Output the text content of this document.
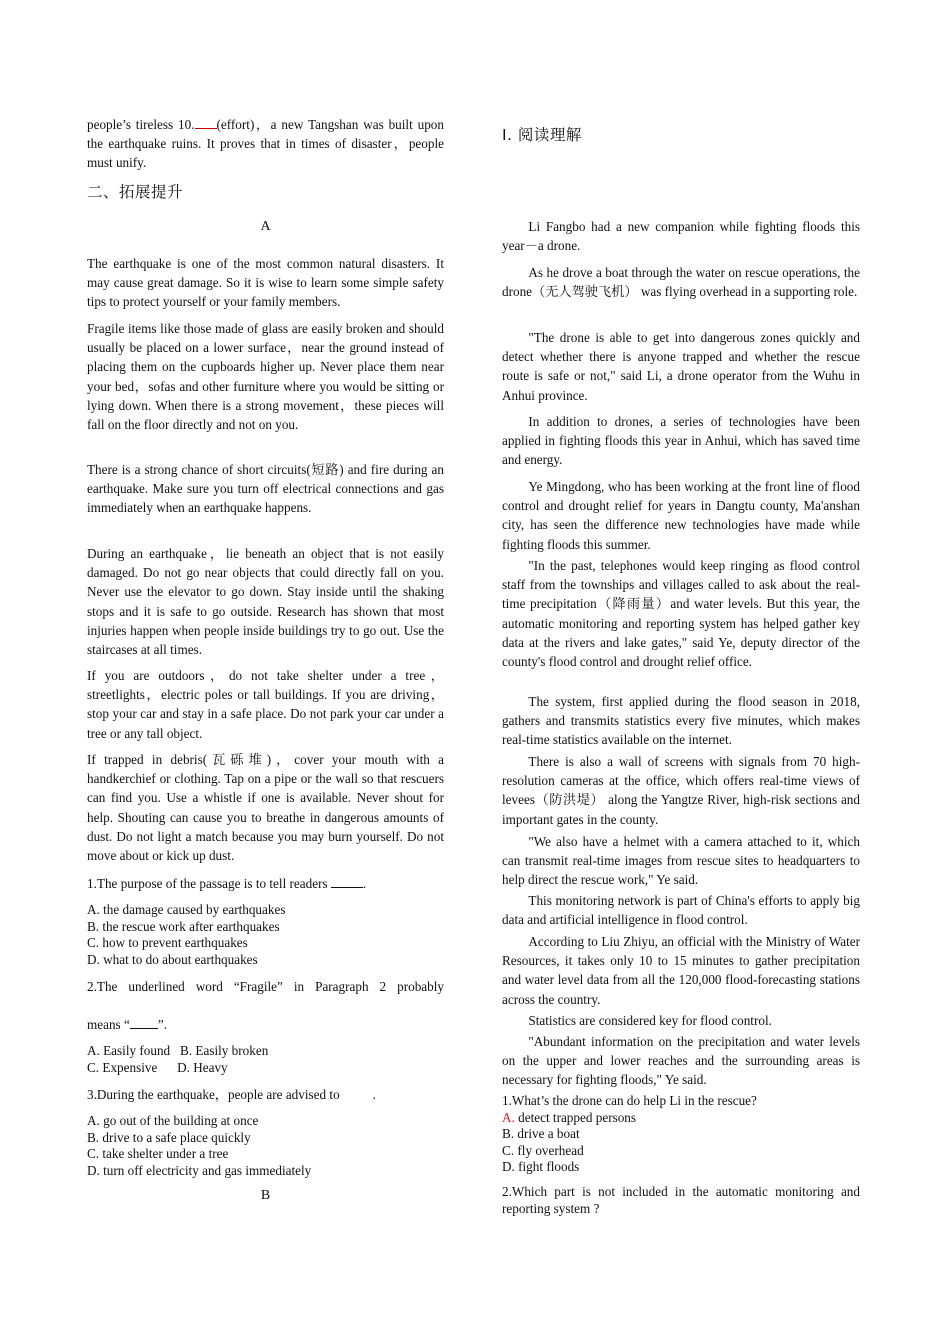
people’s tireless 10. (effort)，a new Tangshan was built upon the earthquake ruins. It proves that in times of disaster，people must unify.

二、拓展提升
A

The earthquake is one of the most common natural disasters. It may cause great damage. So it is wise to learn some simple safety tips to protect yourself or your family members.

Fragile items like those made of glass are easily broken and should usually be placed on a lower surface，near the ground instead of placing them on the cupboards higher up. Never place them near your bed，sofas and other furniture where you would be sitting or lying down. When there is a strong movement，these pieces will fall on the floor directly and not on you.

There is a strong chance of short circuits(短路) and fire during an earthquake. Make sure you turn off electrical connections and gas immediately when an earthquake happens.

During an earthquake，lie beneath an object that is not easily damaged. Do not go near objects that could directly fall on you. Never use the elevator to go down. Stay inside until the shaking stops and it is safe to go outside. Research has shown that most injuries happen when people inside buildings try to go out. Use the staircases at all times.

If you are outdoors，do not take shelter under a tree，streetlights，electric poles or tall buildings. If you are driving，stop your car and stay in a safe place. Do not park your car under a tree or any tall object.

If trapped in debris(瓦砾堆)，cover your mouth with a handkerchief or clothing. Tap on a pipe or the wall so that rescuers can find you. Use a whistle if one is available. Never shout for help. Shouting can cause you to breathe in dangerous amounts of dust. Do not light a match because you may burn yourself. Do not move about or kick up dust.

1.The purpose of the passage is to tell readers .

A. the damage caused by earthquakes

B. the rescue work after earthquakes

C. how to prevent earthquakes

D. what to do about earthquakes

2.The underlined word “Fragile” in Paragraph 2 probably

means “ ”.

A. Easily found   B. Easily broken

C. Expensive      D. Heavy

3.During the earthquake，people are advised to	.

A. go out of the building at once

B. drive to a safe place quickly

C. take shelter under a tree

D. turn off electricity and gas immediately

B
Ⅰ. 阅读理解

Li Fangbo had a new companion while fighting floods this year－a drone.

As he drove a boat through the water on rescue operations, the drone（无人驾驶飞机） was flying overhead in a supporting role.

"The drone is able to get into dangerous zones quickly and detect whether there is anyone trapped and whether the rescue route is safe or not," said Li, a drone operator from the Wuhu in Anhui province.

In addition to drones, a series of technologies have been applied in fighting floods this year in Anhui, which has saved time and energy.

Ye Mingdong, who has been working at the front line of flood control and drought relief for years in Dangtu county, Ma'anshan city, has seen the difference new technologies have made while fighting floods this summer.

"In the past, telephones would keep ringing as flood control staff from the townships and villages called to ask about the real-time precipitation（降雨量）and water levels. But this year, the automatic monitoring and reporting system has helped gather key data at the rivers and lake gates," said Ye, deputy director of the county's flood control and drought relief office.

The system, first applied during the flood season in 2018, gathers and transmits statistics every five minutes, which makes real-time statistics available on the internet.

There is also a wall of screens with signals from 70 high-resolution cameras at the office, which offers real-time views of levees（防洪堤） along the Yangtze River, high-risk sections and important gates in the county.

"We also have a helmet with a camera attached to it, which can transmit real-time images from rescue sites to headquarters to help direct the rescue work," Ye said.

This monitoring network is part of China's efforts to apply big data and artificial intelligence in flood control.

According to Liu Zhiyu, an official with the Ministry of Water Resources, it takes only 10 to 15 minutes to gather precipitation and water level data from all the 120,000 flood-forecasting stations across the country.

Statistics are considered key for flood control.

"Abundant information on the precipitation and water levels on the upper and lower reaches and the surrounding areas is necessary for fighting floods," Ye said.

1.What’s the drone can do help Li in the rescue?

A. detect trapped persons

B. drive a boat

C. fly overhead

D. fight floods

2.Which part is not included in the automatic monitoring and reporting system ?
